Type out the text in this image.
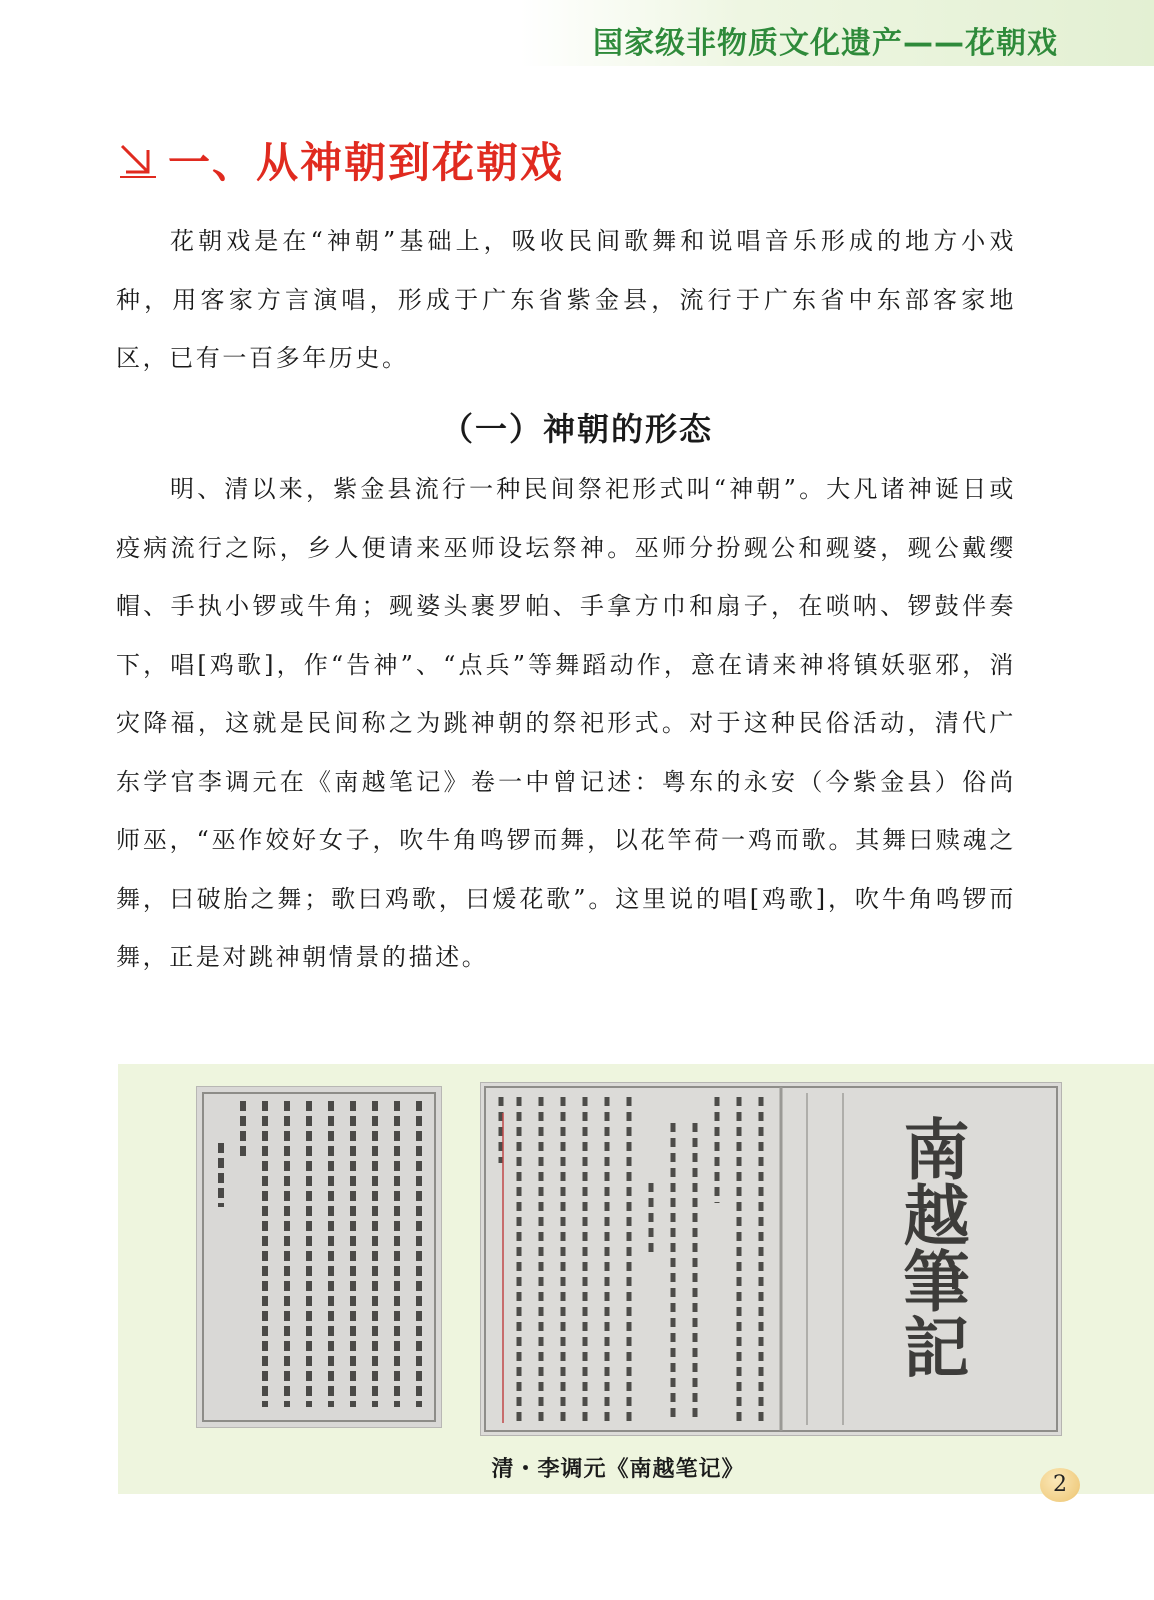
国家级非物质文化遗产——花朝戏
一、从神朝到花朝戏

花朝戏是在“神朝”基础上，吸收民间歌舞和说唱音乐形成的地方小戏种，用客家方言演唱，形成于广东省紫金县，流行于广东省中东部客家地区，已有一百多年历史。

（一）神朝的形态

明、清以来，紫金县流行一种民间祭祀形式叫“神朝”。大凡诸神诞日或疫病流行之际，乡人便请来巫师设坛祭神。巫师分扮觋公和觋婆，觋公戴缨帽、手执小锣或牛角；觋婆头裹罗帕、手拿方巾和扇子，在唢呐、锣鼓伴奏下，唱[鸡歌]，作“告神”、“点兵”等舞蹈动作，意在请来神将镇妖驱邪，消灾降福，这就是民间称之为跳神朝的祭祀形式。对于这种民俗活动，清代广东学官李调元在《南越笔记》卷一中曾记述：粤东的永安（今紫金县）俗尚师巫，“巫作姣好女子，吹牛角鸣锣而舞，以花竿荷一鸡而歌。其舞曰赎魂之舞，曰破胎之舞；歌曰鸡歌，曰煖花歌”。这里说的唱[鸡歌]，吹牛角鸣锣而舞，正是对跳神朝情景的描述。

南越筆記
清・李调元《南越笔记》
2
